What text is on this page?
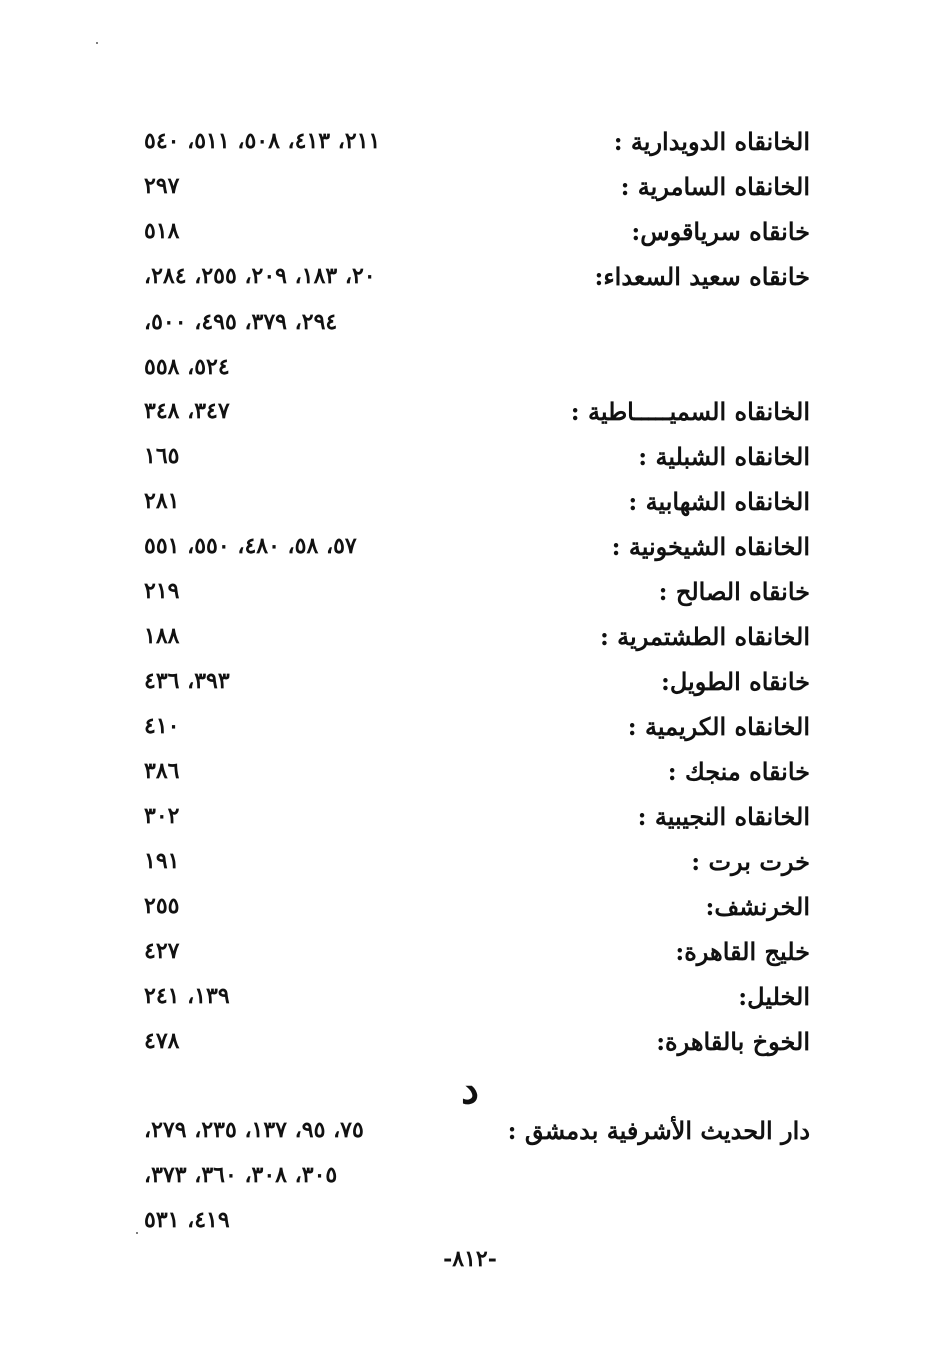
الخانقاه الدويدارية :
٢١١، ٤١٣، ٥٠٨، ٥١١، ٥٤٠
الخانقاه السامرية :
٢٩٧
خانقاه سرياقوس:
٥١٨
خانقاه سعيد السعداء:
٢٠، ١٨٣، ٢٠٩، ٢٥٥، ٢٨٤،
٢٩٤، ٣٧٩، ٤٩٥، ٥٠٠،
٥٢٤، ٥٥٨
الخانقاه السميـــــاطية :
٣٤٧، ٣٤٨
الخانقاه الشبلية :
١٦٥
الخانقاه الشهابية :
٢٨١
الخانقاه الشيخونية :
٥٧، ٥٨، ٤٨٠، ٥٥٠، ٥٥١
خانقاه الصالح :
٢١٩
الخانقاه الطشتمرية :
١٨٨
خانقاه الطويل:
٣٩٣، ٤٣٦
الخانقاه الكريمية :
٤١٠
خانقاه منجك :
٣٨٦
الخانقاه النجيبية :
٣٠٢
خرت برت :
١٩١
الخرنشف:
٢٥٥
خليج القاهرة:
٤٢٧
الخليل:
١٣٩، ٢٤١
الخوخ بالقاهرة:
٤٧٨
د
دار الحديث الأشرفية بدمشق :
٧٥، ٩٥، ١٣٧، ٢٣٥، ٢٧٩،
٣٠٥، ٣٠٨، ٣٦٠، ٣٧٣،
٤١٩، ٥٣١
-٨١٢-
